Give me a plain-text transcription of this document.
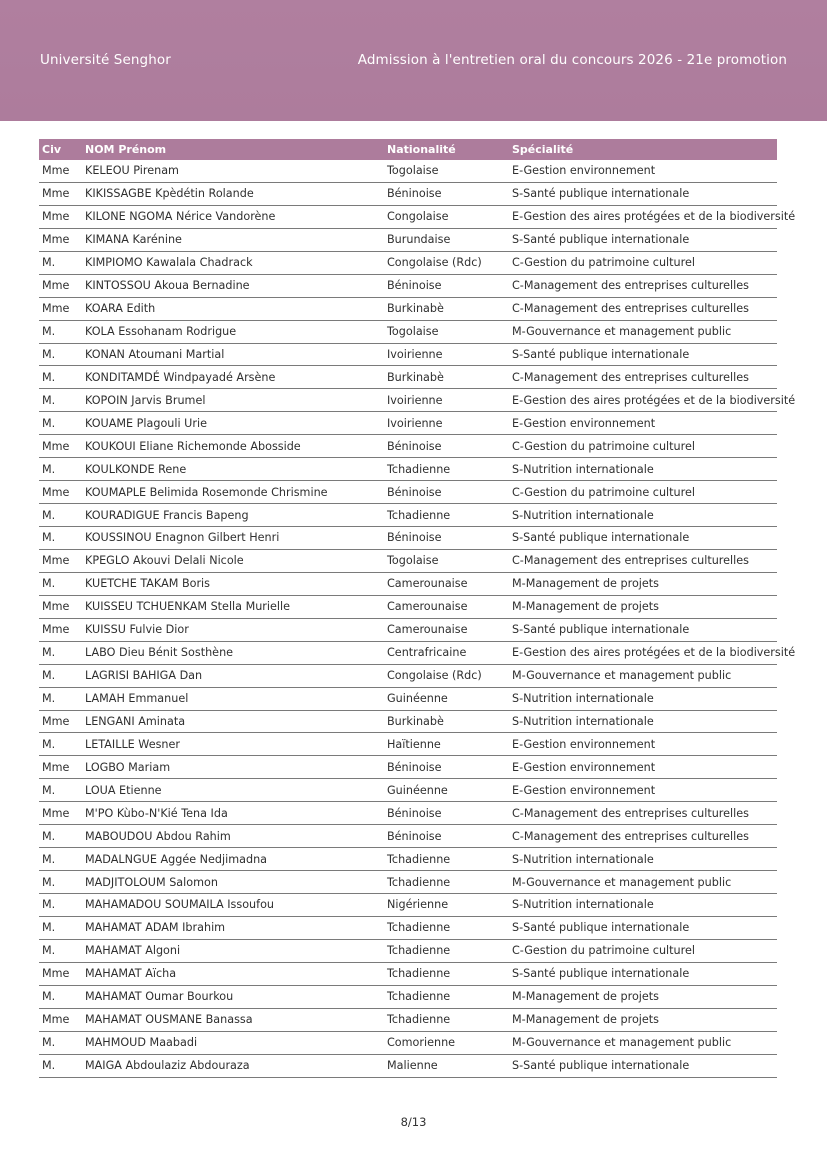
Université Senghor	Admission à l'entretien oral du concours 2026 - 21e promotion
Civ	NOM Prénom	Nationalité	Spécialité
Mme	KELEOU Pirenam	Togolaise	E-Gestion environnement
Mme	KIKISSAGBE Kpèdétin Rolande	Béninoise	S-Santé publique internationale
Mme	KILONE NGOMA Nérice Vandorène	Congolaise	E-Gestion des aires protégées et de la biodiversité
Mme	KIMANA Karénine	Burundaise	S-Santé publique internationale
M.	KIMPIOMO Kawalala Chadrack	Congolaise (Rdc)	C-Gestion du patrimoine culturel
Mme	KINTOSSOU Akoua Bernadine	Béninoise	C-Management des entreprises culturelles
Mme	KOARA Edith	Burkinabè	C-Management des entreprises culturelles
M.	KOLA Essohanam Rodrigue	Togolaise	M-Gouvernance et management public
M.	KONAN Atoumani Martial	Ivoirienne	S-Santé publique internationale
M.	KONDITAMDÉ Windpayadé Arsène	Burkinabè	C-Management des entreprises culturelles
M.	KOPOIN Jarvis Brumel	Ivoirienne	E-Gestion des aires protégées et de la biodiversité
M.	KOUAME Plagouli Urie	Ivoirienne	E-Gestion environnement
Mme	KOUKOUI Eliane Richemonde Abosside	Béninoise	C-Gestion du patrimoine culturel
M.	KOULKONDE Rene	Tchadienne	S-Nutrition internationale
Mme	KOUMAPLE Belimida Rosemonde Chrismine	Béninoise	C-Gestion du patrimoine culturel
M.	KOURADIGUE Francis Bapeng	Tchadienne	S-Nutrition internationale
M.	KOUSSINOU Enagnon Gilbert Henri	Béninoise	S-Santé publique internationale
Mme	KPEGLO Akouvi Delali Nicole	Togolaise	C-Management des entreprises culturelles
M.	KUETCHE TAKAM Boris	Camerounaise	M-Management de projets
Mme	KUISSEU TCHUENKAM Stella Murielle	Camerounaise	M-Management de projets
Mme	KUISSU Fulvie Dior	Camerounaise	S-Santé publique internationale
M.	LABO Dieu Bénit Sosthène	Centrafricaine	E-Gestion des aires protégées et de la biodiversité
M.	LAGRISI BAHIGA Dan	Congolaise (Rdc)	M-Gouvernance et management public
M.	LAMAH Emmanuel	Guinéenne	S-Nutrition internationale
Mme	LENGANI Aminata	Burkinabè	S-Nutrition internationale
M.	LETAILLE Wesner	Haïtienne	E-Gestion environnement
Mme	LOGBO Mariam	Béninoise	E-Gestion environnement
M.	LOUA Etienne	Guinéenne	E-Gestion environnement
Mme	M'PO Kùbo-N'Kié Tena Ida	Béninoise	C-Management des entreprises culturelles
M.	MABOUDOU Abdou Rahim	Béninoise	C-Management des entreprises culturelles
M.	MADALNGUE Aggée Nedjimadna	Tchadienne	S-Nutrition internationale
M.	MADJITOLOUM Salomon	Tchadienne	M-Gouvernance et management public
M.	MAHAMADOU SOUMAILA Issoufou	Nigérienne	S-Nutrition internationale
M.	MAHAMAT ADAM Ibrahim	Tchadienne	S-Santé publique internationale
M.	MAHAMAT Algoni	Tchadienne	C-Gestion du patrimoine culturel
Mme	MAHAMAT Aïcha	Tchadienne	S-Santé publique internationale
M.	MAHAMAT Oumar Bourkou	Tchadienne	M-Management de projets
Mme	MAHAMAT OUSMANE Banassa	Tchadienne	M-Management de projets
M.	MAHMOUD Maabadi	Comorienne	M-Gouvernance et management public
M.	MAIGA Abdoulaziz Abdouraza	Malienne	S-Santé publique internationale
8/13
